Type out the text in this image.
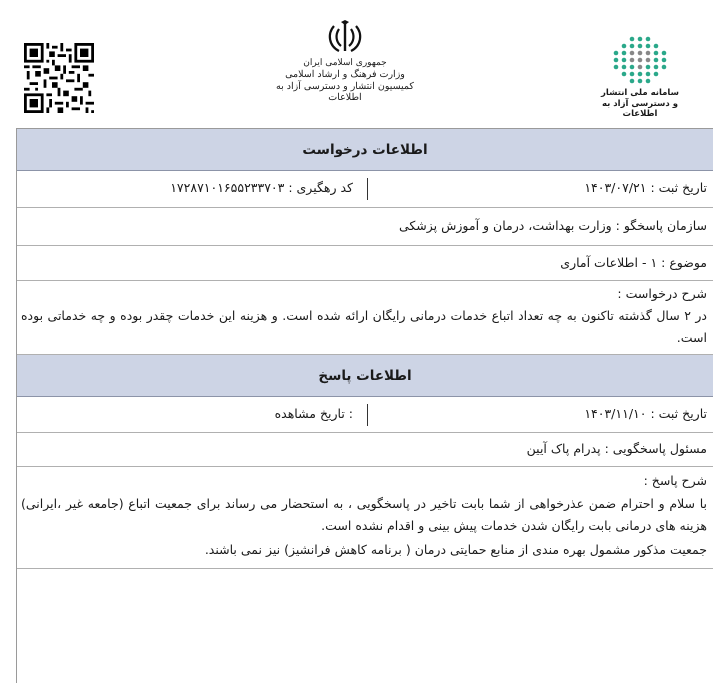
جمهوری اسلامی ایران
وزارت فرهنگ و ارشاد اسلامی
کمیسیون انتشار و دسترسی آزاد به اطلاعات	سامانه ملی انتشار
و دسترسی آزاد به اطلاعات
اطلاعات درخواست
تاریخ ثبت : ۱۴۰۳/۰۷/۲۱
کد رهگیری : ۱۷۲۸۷۱۰۱۶۵۵۲۳۳۷۰۳
سازمان پاسخگو : وزارت بهداشت، درمان و آموزش پزشکی
موضوع : ۱ - اطلاعات آماری
شرح درخواست :
در ۲ سال گذشته تاکنون به چه تعداد اتباع خدمات درمانی رایگان ارائه شده است. و هزینه این خدمات چقدر بوده و چه خدماتی بوده است.
اطلاعات پاسخ
تاریخ ثبت : ۱۴۰۳/۱۱/۱۰
: تاریخ مشاهده
مسئول پاسخگویی : پدرام پاک آیین
شرح پاسخ :
با سلام و احترام ضمن عذرخواهی از شما بابت تاخیر در پاسخگویی ، به استحضار می رساند برای جمعیت اتباع (جامعه غیر ،ایرانی) هزینه های درمانی بابت رایگان شدن خدمات پیش بینی و اقدام نشده است.
جمعیت مذکور مشمول بهره مندی از منابع حمایتی درمان ( برنامه کاهش فرانشیز) نیز نمی باشند.
